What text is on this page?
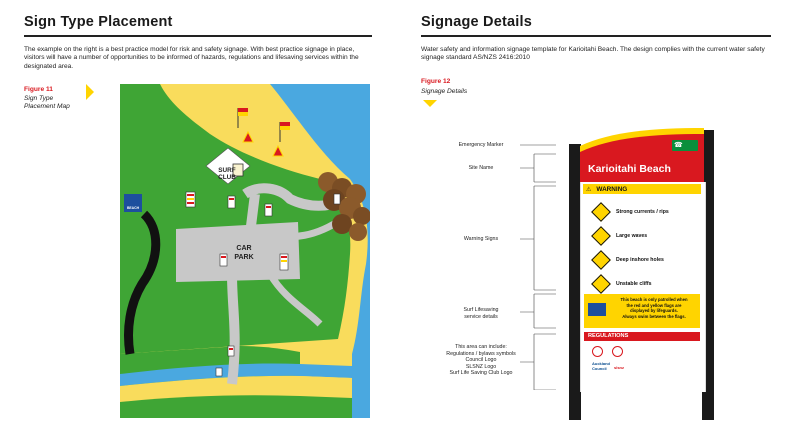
Sign Type Placement
The example on the right is a best practice model for risk and safety signage. With best practice signage in place, visitors will have a number of opportunities to be informed of hazards, regulations and lifesaving services within the designated area.
Figure 11
Sign Type
Placement Map
SURF
CLUB
CAR
PARK
BEACH
Signage Details
Water safety and information signage template for Karioitahi Beach. The design complies with the current water safety signage standard AS/NZS 2416:2010
Figure 12
Signage Details
Emergency Marker
Site Name
Warning Signs
Surf Lifesaving
service details
This area can include:
Regulations / bylaws symbols
Council Logo
SLSNZ Logo
Surf Life Saving Club Logo
☎
Karioitahi Beach
⚠ WARNING
Strong currents / rips
Large waves
Deep inshore holes
Unstable cliffs
This beach is only patrolled when
the red and yellow flags are
displayed by lifeguards.
Always swim between the flags.
REGULATIONS
Auckland
Council	slsnz
